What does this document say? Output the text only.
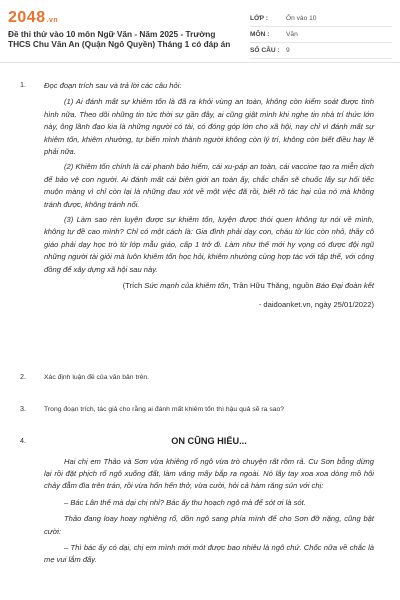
2048.vn
Đề thi thử vào 10 môn Ngữ Văn - Năm 2025 - Trường THCS Chu Văn An (Quận Ngô Quyền) Tháng 1 có đáp án
LỚP :	Ôn vào 10
MÔN :	Văn
SỐ CÂU : 9
1. Đọc đoạn trích sau và trả lời các câu hỏi:
(1) Ai đánh mất sự khiêm tốn là đã ra khỏi vùng an toàn, không còn kiểm soát được tình hình nữa. Theo dõi những tin tức thời sự gần đây, ai cũng giật mình khi nghe tin nhà trí thức lớn này, ông lãnh đạo kia là những người có tài, có đóng góp lớn cho xã hội, nay chỉ vì đánh mất sự khiêm tốn, khiêm nhường, tự biến mình thành người không còn lý trí, không còn biết điều hay lẽ phải nữa.
(2) Khiêm tốn chính là cái phanh bảo hiểm, cái xu-páp an toàn, cái vaccine tạo ra miễn dịch để bảo vệ con người. Ai đánh mất cái biên giới an toàn ấy, chắc chắn sẽ chuốc lấy sự hối tiếc muộn màng vì chỉ còn lại là những đau xót về một việc đã rồi, biết rõ tác hại của nó mà không tránh được, không tránh nổi.
(3) Làm sao rèn luyện được sự khiêm tốn, luyện được thói quen không tự nói về mình, không tự đề cao mình? Chỉ có một cách là: Gia đình phải dạy con, cháu từ lúc còn nhỏ, thầy cô giáo phải dạy học trò từ lớp mẫu giáo, cấp 1 trở đi. Làm như thế mới hy vọng có được đội ngũ những người tài giỏi mà luôn khiêm tốn học hỏi, khiêm nhường cùng hợp tác với tập thể, với cộng đồng để xây dựng xã hội sau này.
(Trích Sức mạnh của khiêm tốn, Trần Hữu Thăng, nguồn Báo Đại đoàn kết
- daidoanket.vn, ngày 25/01/2022)
2.	Xác định luận đề của văn bản trên.
3.	Trong đoạn trích, tác giả cho rằng ai đánh mất khiêm tốn thì hậu quả sẽ ra sao?
4.	ON CŨNG HIỂU...
Hai chị em Thảo và Sơn vừa khiêng rổ ngô vừa trò chuyện rất rôm rả. Cu Sơn bỗng dừng lại rồi đặt phịch rổ ngô xuống đất, làm văng mấy bắp ra ngoài. Nó lấy tay xoa xoa dòng mồ hôi chảy đẫm đìa trên trán, rồi vừa hổn hển thở, vừa cười, hỏi cả hàm răng sún với chị:
– Bác Lân thế mà dại chị nhỉ? Bác ấy thu hoạch ngô mà để sót ơi là sót.
Thảo đang loay hoay nghiêng rổ, dồn ngô sang phía mình để cho Sơn đỡ nặng, cũng bật cười:
– Thì bác ấy có dại, chị em mình mới mót được bao nhiêu là ngô chứ. Chốc nữa về chắc là mẹ vui lắm đấy.
